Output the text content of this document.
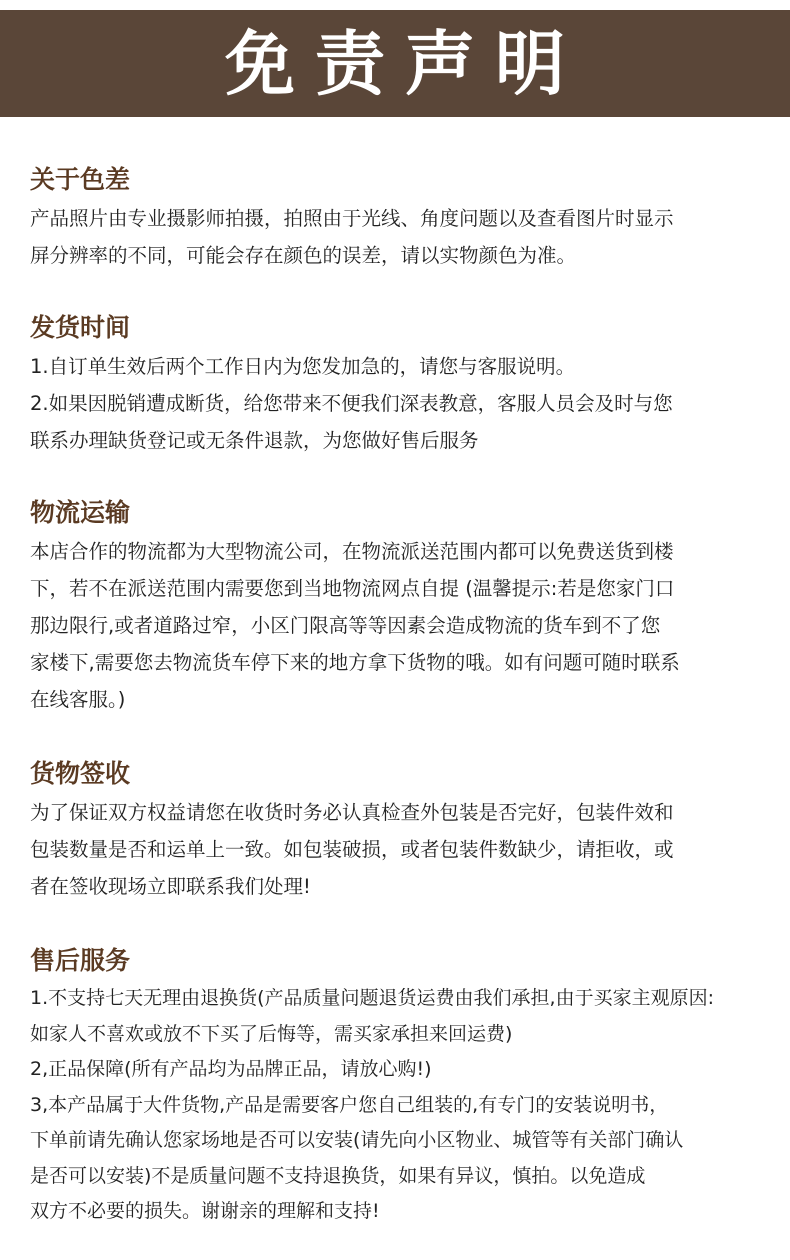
免责声明
关于色差

产品照片由专业摄影师拍摄，拍照由于光线、角度问题以及查看图片时显示

屏分辨率的不同，可能会存在颜色的误差，请以实物颜色为准。

发货时间

1.自订单生效后两个工作日内为您发加急的，请您与客服说明。

2.如果因脱销遭成断货，给您带来不便我们深表教意，客服人员会及时与您

联系办理缺货登记或无条件退款，为您做好售后服务

物流运输

本店合作的物流都为大型物流公司，在物流派送范围内都可以免费送货到楼

下，若不在派送范围内需要您到当地物流网点自提 (温馨提示:若是您家门口

那边限行,或者道路过窄，小区门限高等等因素会造成物流的货车到不了您

家楼下,需要您去物流货车停下来的地方拿下货物的哦。如有问题可随时联系

在线客服。)

货物签收

为了保证双方权益请您在收货时务必认真检查外包装是否完好，包装件效和

包装数量是否和运单上一致。如包装破损，或者包装件数缺少，请拒收，或

者在签收现场立即联系我们处理!

售后服务

1.不支持七天无理由退换货(产品质量问题退货运费由我们承担,由于买家主观原因:

如家人不喜欢或放不下买了后悔等，需买家承担来回运费)

2,正品保障(所有产品均为品牌正品，请放心购!)

3,本产品属于大件货物,产品是需要客户您自己组装的,有专门的安装说明书，

下单前请先确认您家场地是否可以安装(请先向小区物业、城管等有关部门确认

是否可以安装)不是质量问题不支持退换货，如果有异议，慎拍。以免造成

双方不必要的损失。谢谢亲的理解和支持!
